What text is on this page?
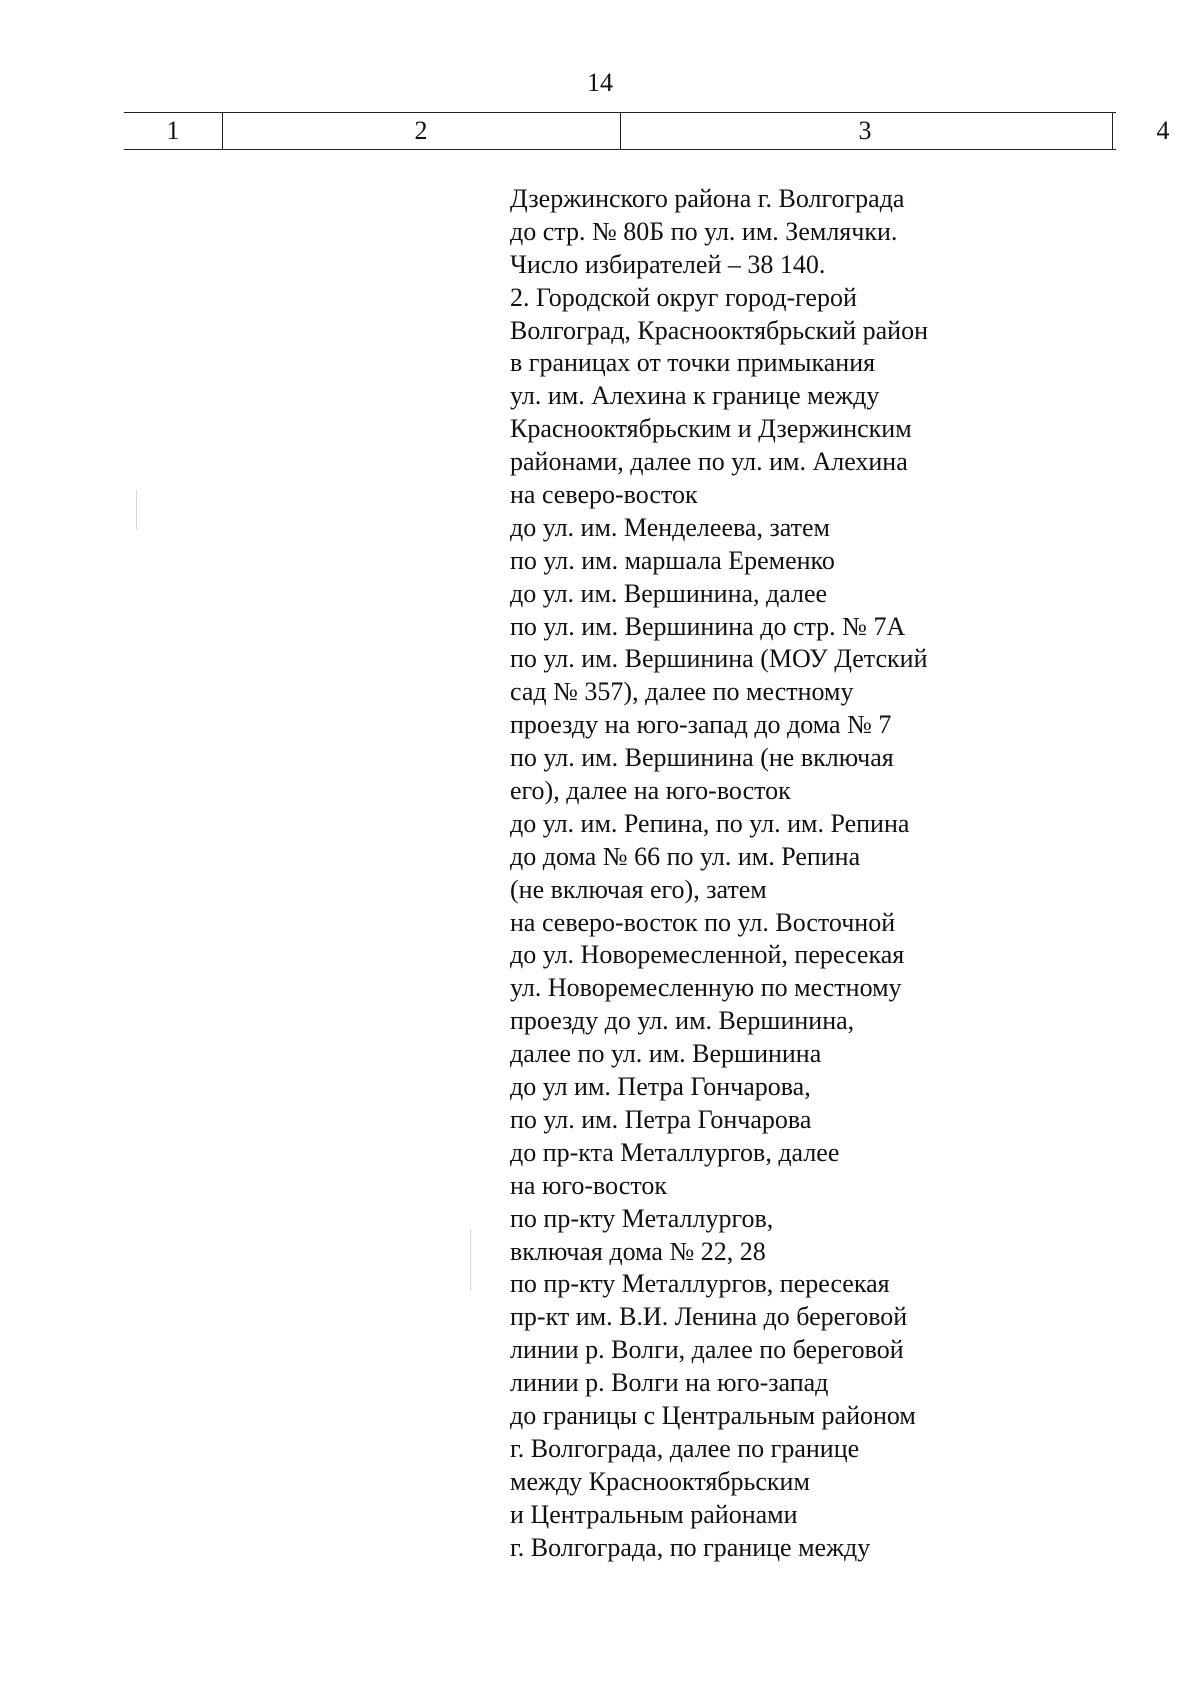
14
1	2	3	4
Дзержинского района г. Волгограда
до стр. № 80Б по ул. им. Землячки.
Число избирателей – 38 140.
2. Городской округ город-герой
Волгоград, Краснооктябрьский район
в границах от точки примыкания
ул. им. Алехина к границе между
Краснооктябрьским и Дзержинским
районами, далее по ул. им. Алехина
на северо-восток
до ул. им. Менделеева, затем
по ул. им. маршала Еременко
до ул. им. Вершинина, далее
по ул. им. Вершинина до стр. № 7А
по ул. им. Вершинина (МОУ Детский
сад № 357), далее по местному
проезду на юго-запад до дома № 7
по ул. им. Вершинина (не включая
его), далее на юго-восток
до ул. им. Репина, по ул. им. Репина
до дома № 66 по ул. им. Репина
(не включая его), затем
на северо-восток по ул. Восточной
до ул. Новоремесленной, пересекая
ул. Новоремесленную по местному
проезду до ул. им. Вершинина,
далее по ул. им. Вершинина
до ул им. Петра Гончарова,
по ул. им. Петра Гончарова
до пр-кта Металлургов, далее
на юго-восток
по пр-кту Металлургов,
включая дома № 22, 28
по пр-кту Металлургов, пересекая
пр-кт им. В.И. Ленина до береговой
линии р. Волги, далее по береговой
линии р. Волги на юго-запад
до границы с Центральным районом
г. Волгограда, далее по границе
между Краснооктябрьским
и Центральным районами
г. Волгограда, по границе между
